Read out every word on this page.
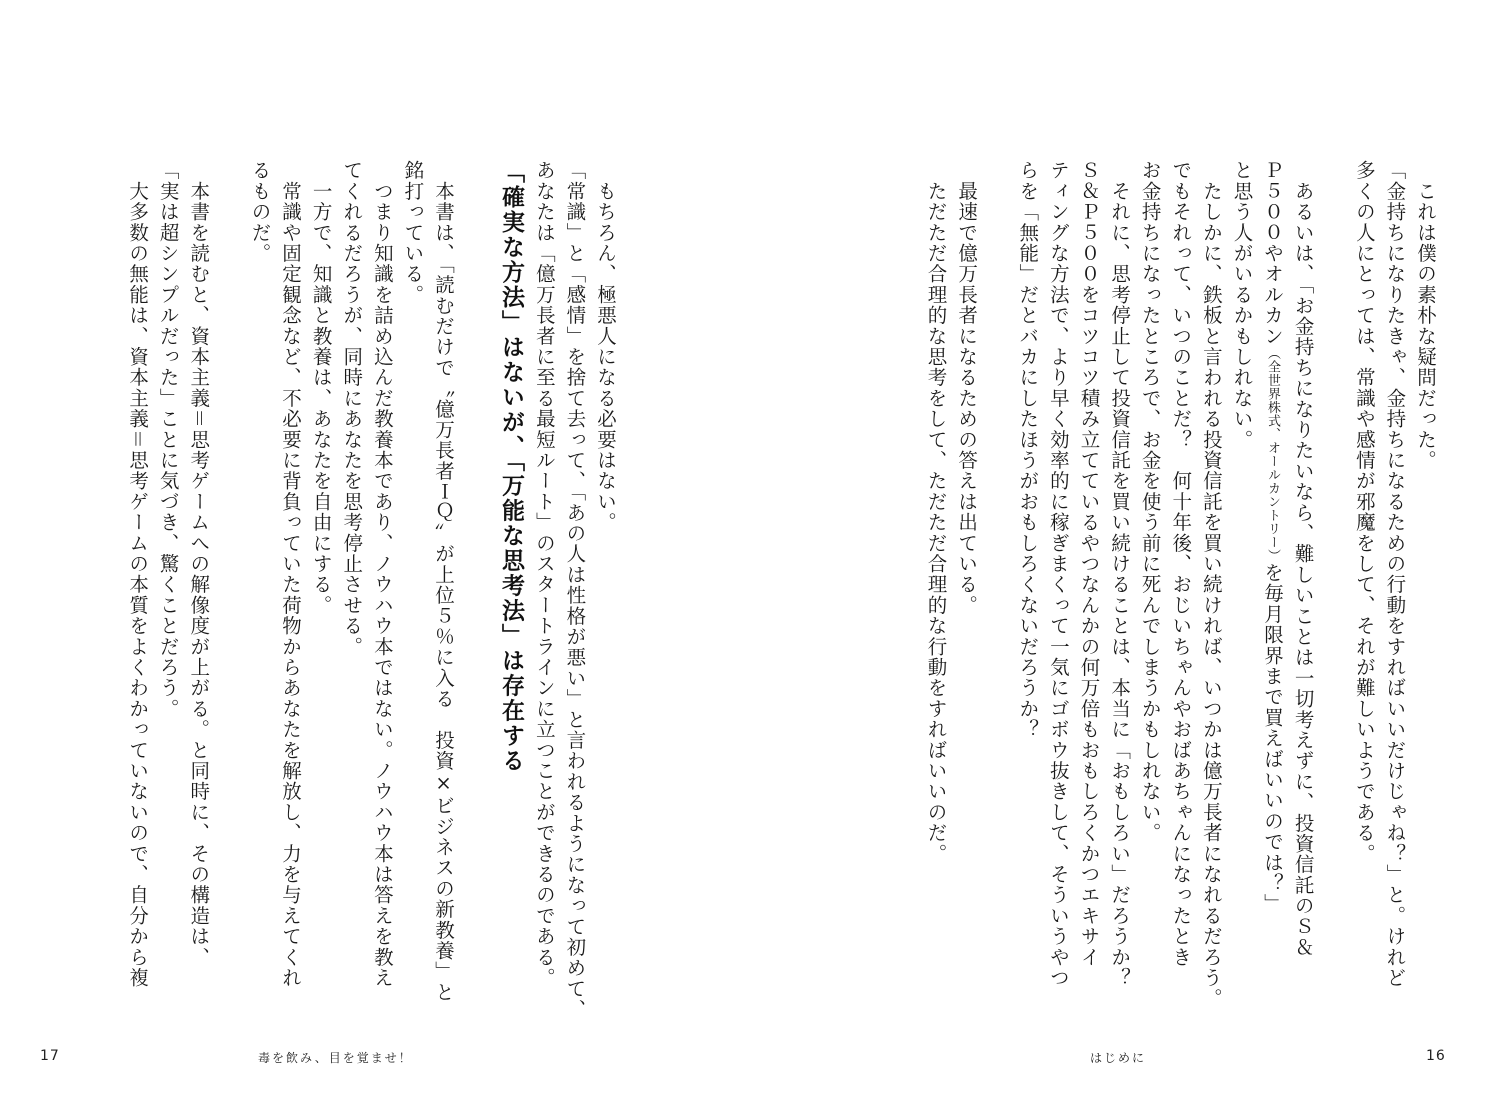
　これは僕の素朴な疑問だった。

「金持ちになりたきゃ、金持ちになるための行動をすればいいだけじゃね？」と。けれど

多くの人にとっては、常識や感情が邪魔をして、それが難しいようである。

　あるいは、「お金持ちになりたいなら、難しいことは一切考えずに、投資信託のＳ＆

Ｐ５００やオルカン（全世界株式、オールカントリー）を毎月限界まで買えばいいのでは？」

と思う人がいるかもしれない。

　たしかに、鉄板と言われる投資信託を買い続ければ、いつかは億万長者になれるだろう。

でもそれって、いつのことだ？　何十年後、おじいちゃんやおばあちゃんになったとき

お金持ちになったところで、お金を使う前に死んでしまうかもしれない。

　それに、思考停止して投資信託を買い続けることは、本当に「おもしろい」だろうか？

Ｓ＆Ｐ５００をコツコツ積み立てているやつなんかの何万倍もおもしろくかつエキサイ

ティングな方法で、より早く効率的に稼ぎまくって一気にゴボウ抜きして、そういうやつ

らを「無能」だとバカにしたほうがおもしろくないだろうか？

　最速で億万長者になるための答えは出ている。

　ただただ合理的な思考をして、ただただ合理的な行動をすればいいのだ。

はじめに	16

　もちろん、極悪人になる必要はない。

「常識」と「感情」を捨て去って、「あの人は性格が悪い」と言われるようになって初めて、

あなたは「億万長者に至る最短ルート」のスタートラインに立つことができるのである。

「確実な方法」はないが、「万能な思考法」は存在する

　本書は、「読むだけで〝億万長者ＩＱ〟が上位５％に入る　投資×ビジネスの新教養」と

銘打っている。

　つまり知識を詰め込んだ教養本であり、ノウハウ本ではない。ノウハウ本は答えを教え

てくれるだろうが、同時にあなたを思考停止させる。

　一方で、知識と教養は、あなたを自由にする。

　常識や固定観念など、不必要に背負っていた荷物からあなたを解放し、力を与えてくれ

るものだ。

　本書を読むと、資本主義＝思考ゲームへの解像度が上がる。と同時に、その構造は、

「実は超シンプルだった」ことに気づき、驚くことだろう。

　大多数の無能は、資本主義＝思考ゲームの本質をよくわかっていないので、自分から複

17	毒を飲み、目を覚ませ！
